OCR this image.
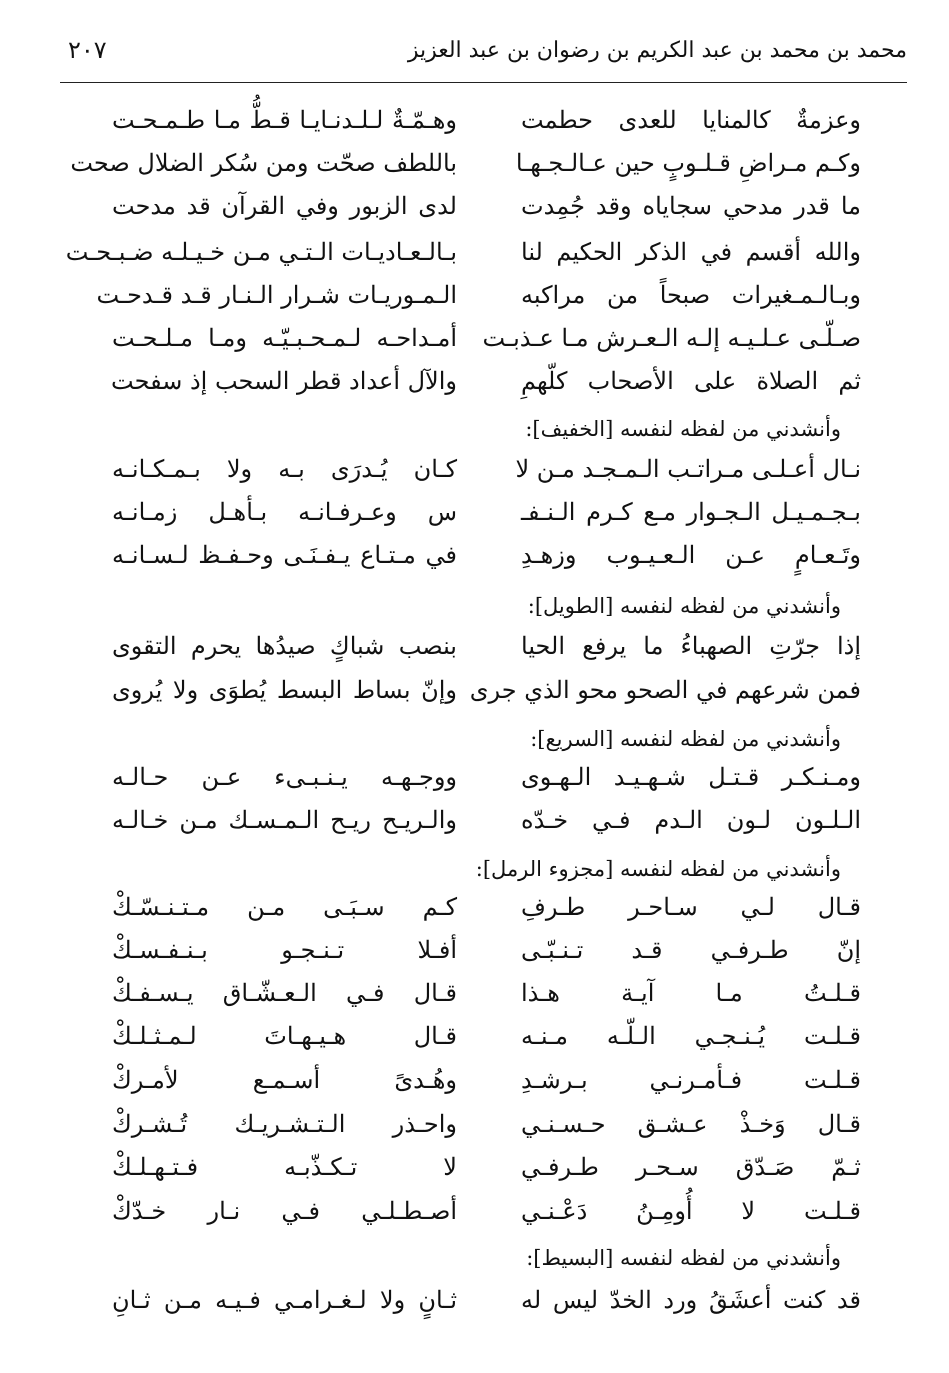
محمد بن محمد بن عبد الكريم بن رضوان بن عبد العزيز
٢٠٧
وعزمةٌ كالمنايا للعدى حطمت
وهـمّـةٌ لـلـدنـايـا قـطُّ مـا طـمـحـت
وكـم مـراضِ قـلـوبٍ حين عـالـجـهـا
باللطف صحّت ومن سُكر الضلال صحت
ما قدر مدحي سجاياه وقد جُمِدت
لدى الزبور وفي القرآن قد مدحت
والله أقسم في الذكر الحكيم لنا
بـالـعـاديـات الـتـي مـن خـيـلـه ضـبـحـت
وبـالـمـغيرات صبحاً من مراكبه
الـمـوريـات شـرار الـنـار قـد قـدحـت
صـلّـى عـلـيـه إلـه الـعـرش مـا عـذبـت
أمـداحـه لـمـحـبـيّـه ومـا مـلـحـت
ثم الصلاة على الأصحاب كلّهمِ
والآل أعداد قطر السحب إذ سفحت
وأنشدني من لفظه لنفسه [الخفيف]:
نـال أعـلـى مـراتـب الـمـجـد مـن لا
كـان يُـدرَى بـه ولا بـمـكـانـه
بـجـمـيـل الـجـوار مـع كـرم الـنـفـ
س وعـرفـانـه بـأهـل زمـانـه
وتَـعـامٍ عـن الـعـيـوب وزهـدِ
في مـتـاع يـفـنَـى وحـفـظ لـسـانـه
وأنشدني من لفظه لنفسه [الطويل]:
إذا جرّتِ الصهباءُ ما يرفع الحيا
بنصب شباكٍ صيدُها يحرم التقوى
فمن شرعهم في الصحو محو الذي جرى
وإنّ بساط البسط يُطوَى ولا يُروى
وأنشدني من لفظه لنفسه [السريع]:
ومـنـكـر قـتـل شـهـيـد الـهـوى
ووجـهـه يـنـبـىء عـن حـالـه
الـلـون لـون الـدم فـي خـدّه
والـريـح ريـح الـمـسـك مـن خـالـه
وأنشدني من لفظه لنفسه [مجزوء الرمل]:
قـال لـي سـاحـر طـرفِ
كـم سـبَـى مـن مـتـنـسّـكْ
إنّ طـرفـي قـد تـنـبّـى
أفـلا تـنـجـو بـنـفـسـكْ
قـلـتُ مـا آيـة هـذا
قـال فـي الـعـشّـاق يـسـفـكْ
قـلـت يُـنـجـي الـلّـه مـنـه
قـال هـيـهـاتَ لـمـثـلـكْ
قـلـت فـأمـرنـي بـرشـدِ
وهُـدىً أسـمـع لأمـركْ
قـال وَخـذْ عـشـق حـسـنـي
واحـذر الـتـشـريـك تُـشـركْ
ثـمّ صَـدّق سـحـر طـرفـي
لا تـكـذّبـه فـتـهـلـكْ
قـلـت لا أُومِـنُ دَعْـنـي
أصـطـلـي فـي نـار خـدّكْ
وأنشدني من لفظه لنفسه [البسيط]:
قد كنت أعشَقُ ورد الخدّ ليس له
ثـانٍ ولا لـغـرامـي فـيـه مـن ثـانِ
